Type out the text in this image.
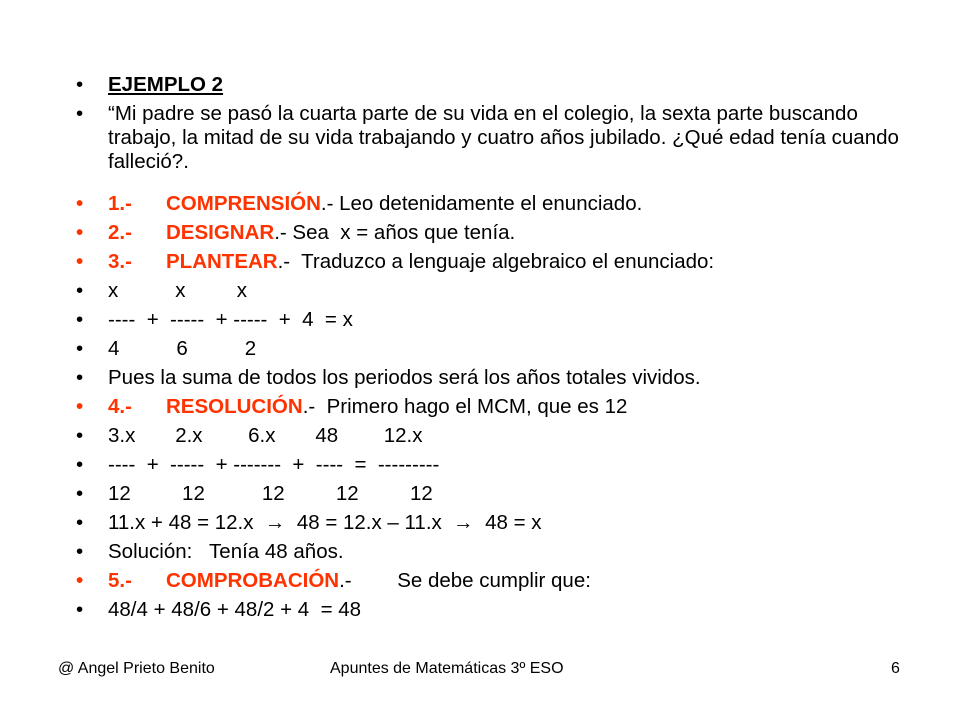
• EJEMPLO 2
• “Mi padre se pasó la cuarta parte de su vida en el colegio, la sexta parte buscando trabajo, la mitad de su vida trabajando y cuatro años jubilado. ¿Qué edad tenía cuando falleció?.
• 1.- COMPRENSIÓN.- Leo detenidamente el enunciado.
• 2.- DESIGNAR.- Sea  x = años que tenía.
• 3.- PLANTEAR.-  Traduzco a lenguaje algebraico el enunciado:
• x          x         x
• ----  +  -----  + -----  +  4  = x
• 4          6          2
• Pues la suma de todos los periodos será los años totales vividos.
• 4.- RESOLUCIÓN.-  Primero hago el MCM, que es 12
• 3.x       2.x        6.x       48        12.x
• ----  +  -----  + -------  +  ----  =  ---------
• 12         12          12         12         12
• 11.x + 48 = 12.x → 48 = 12.x – 11.x → 48 = x
• Solución:   Tenía 48 años.
• 5.- COMPROBACIÓN.-        Se debe cumplir que:
• 48/4 + 48/6 + 48/2 + 4  = 48
@ Angel Prieto Benito	Apuntes de Matemáticas 3º ESO	6
